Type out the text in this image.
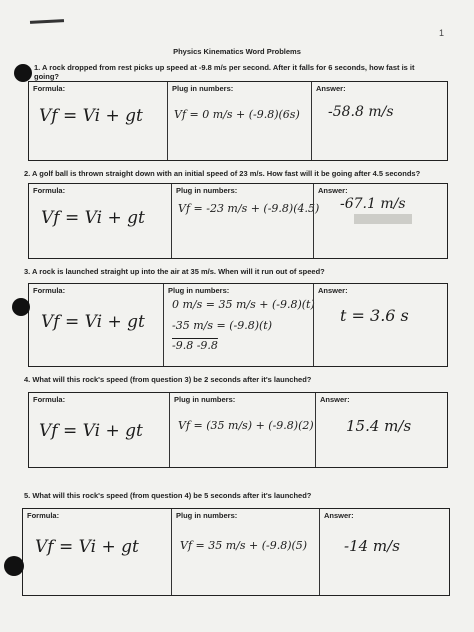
1
Physics Kinematics Word Problems
1. A rock dropped from rest picks up speed at -9.8 m/s per second. After it falls for 6 seconds, how fast is it going?
Formula:
Vf = Vi + gt
Plug in numbers:
Vf = 0 m/s + (-9.8)(6s)
Answer:
-58.8 m/s
2. A golf ball is thrown straight down with an initial speed of 23 m/s. How fast will it be going after 4.5 seconds?
Formula:
Vf = Vi + gt
Plug in numbers:
Vf = -23 m/s + (-9.8)(4.5)
Answer:
-67.1 m/s
3. A rock is launched straight up into the air at 35 m/s. When will it run out of speed?
Formula:
Vf = Vi + gt
Plug in numbers:
0 m/s = 35 m/s + (-9.8)(t)
-35 m/s = (-9.8)(t)
-9.8 -9.8
Answer:
t = 3.6 s
4. What will this rock's speed (from question 3) be 2 seconds after it's launched?
Formula:
Vf = Vi + gt
Plug in numbers:
Vf = (35 m/s) + (-9.8)(2)
Answer:
15.4 m/s
5. What will this rock's speed (from question 4) be 5 seconds after it's launched?
Formula:
Vf = Vi + gt
Plug in numbers:
Vf = 35 m/s + (-9.8)(5)
Answer:
-14 m/s
